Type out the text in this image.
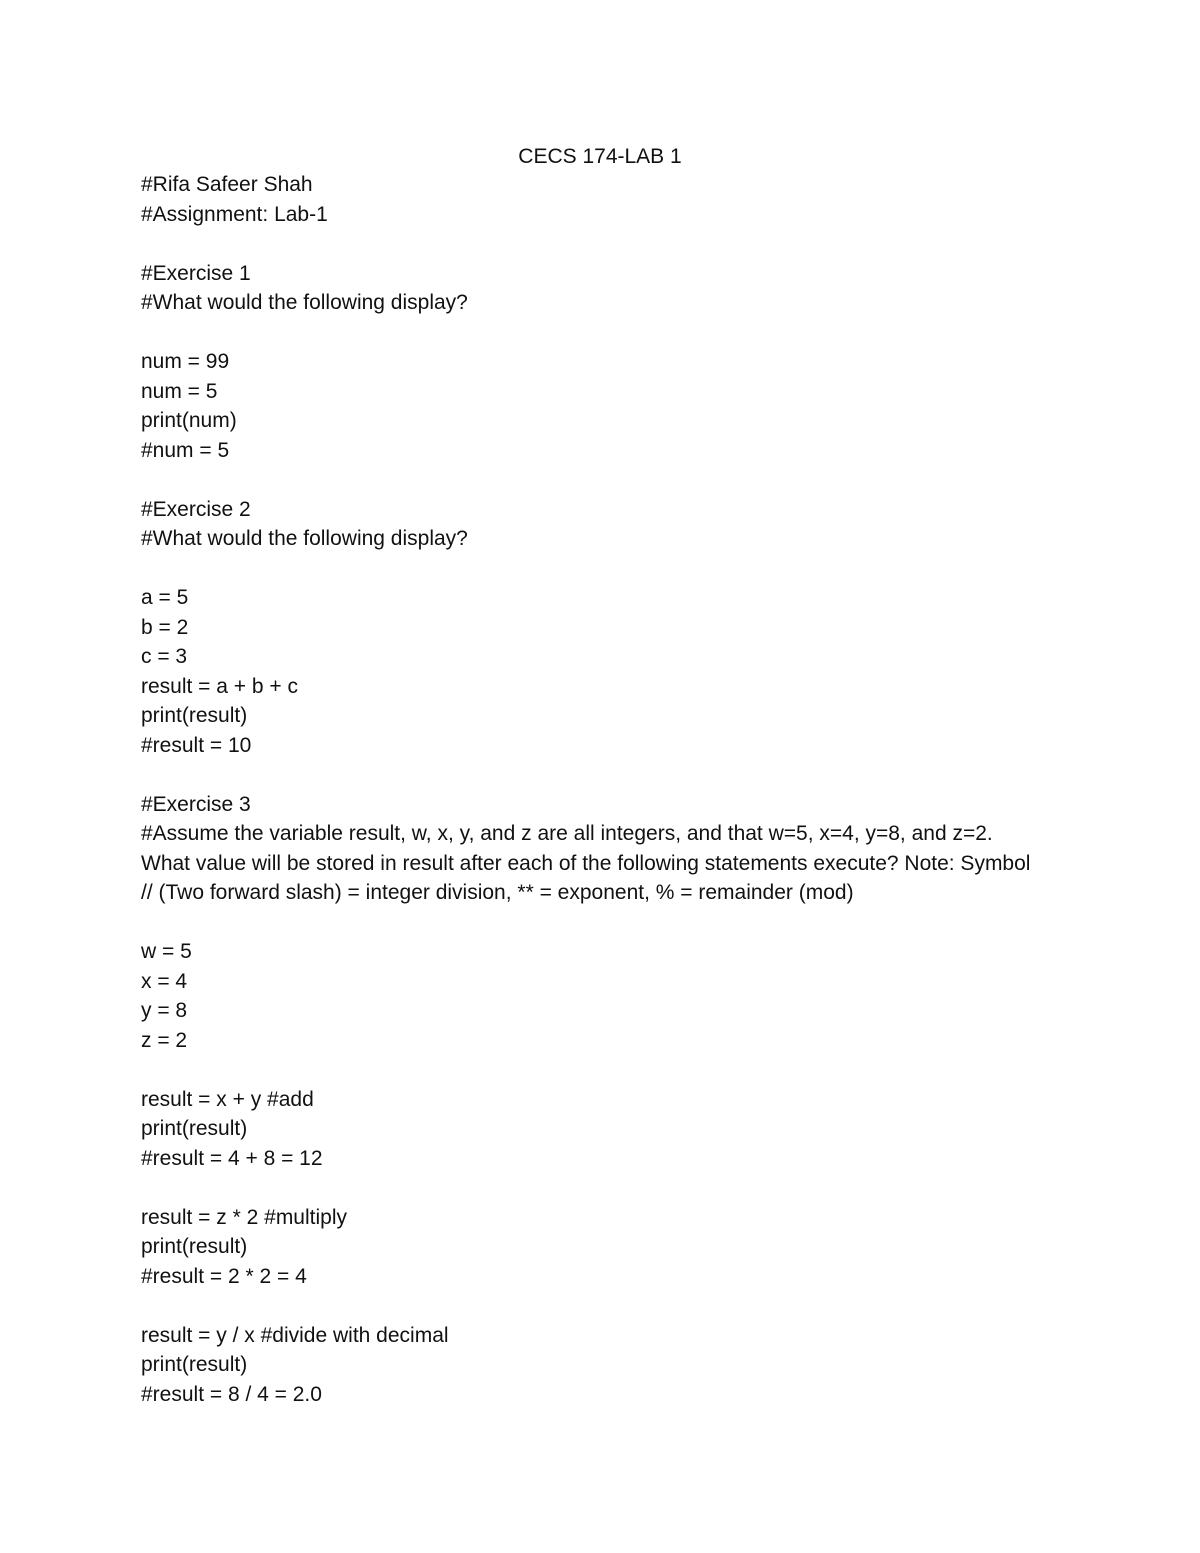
CECS 174-LAB 1
#Rifa Safeer Shah
#Assignment: Lab-1
#Exercise 1
#What would the following display?
num = 99
num = 5
print(num)
#num = 5
#Exercise 2
#What would the following display?
a = 5
b = 2
c = 3
result = a + b + c
print(result)
#result = 10
#Exercise 3
#Assume the variable result, w, x, y, and z are all integers, and that w=5, x=4, y=8, and z=2.
What value will be stored in result after each of the following statements execute? Note: Symbol
// (Two forward slash) = integer division, ** = exponent, % = remainder (mod)
w = 5
x = 4
y = 8
z = 2
result = x + y #add
print(result)
#result = 4 + 8 = 12
result = z * 2 #multiply
print(result)
#result = 2 * 2 = 4
result = y / x #divide with decimal
print(result)
#result = 8 / 4 = 2.0
